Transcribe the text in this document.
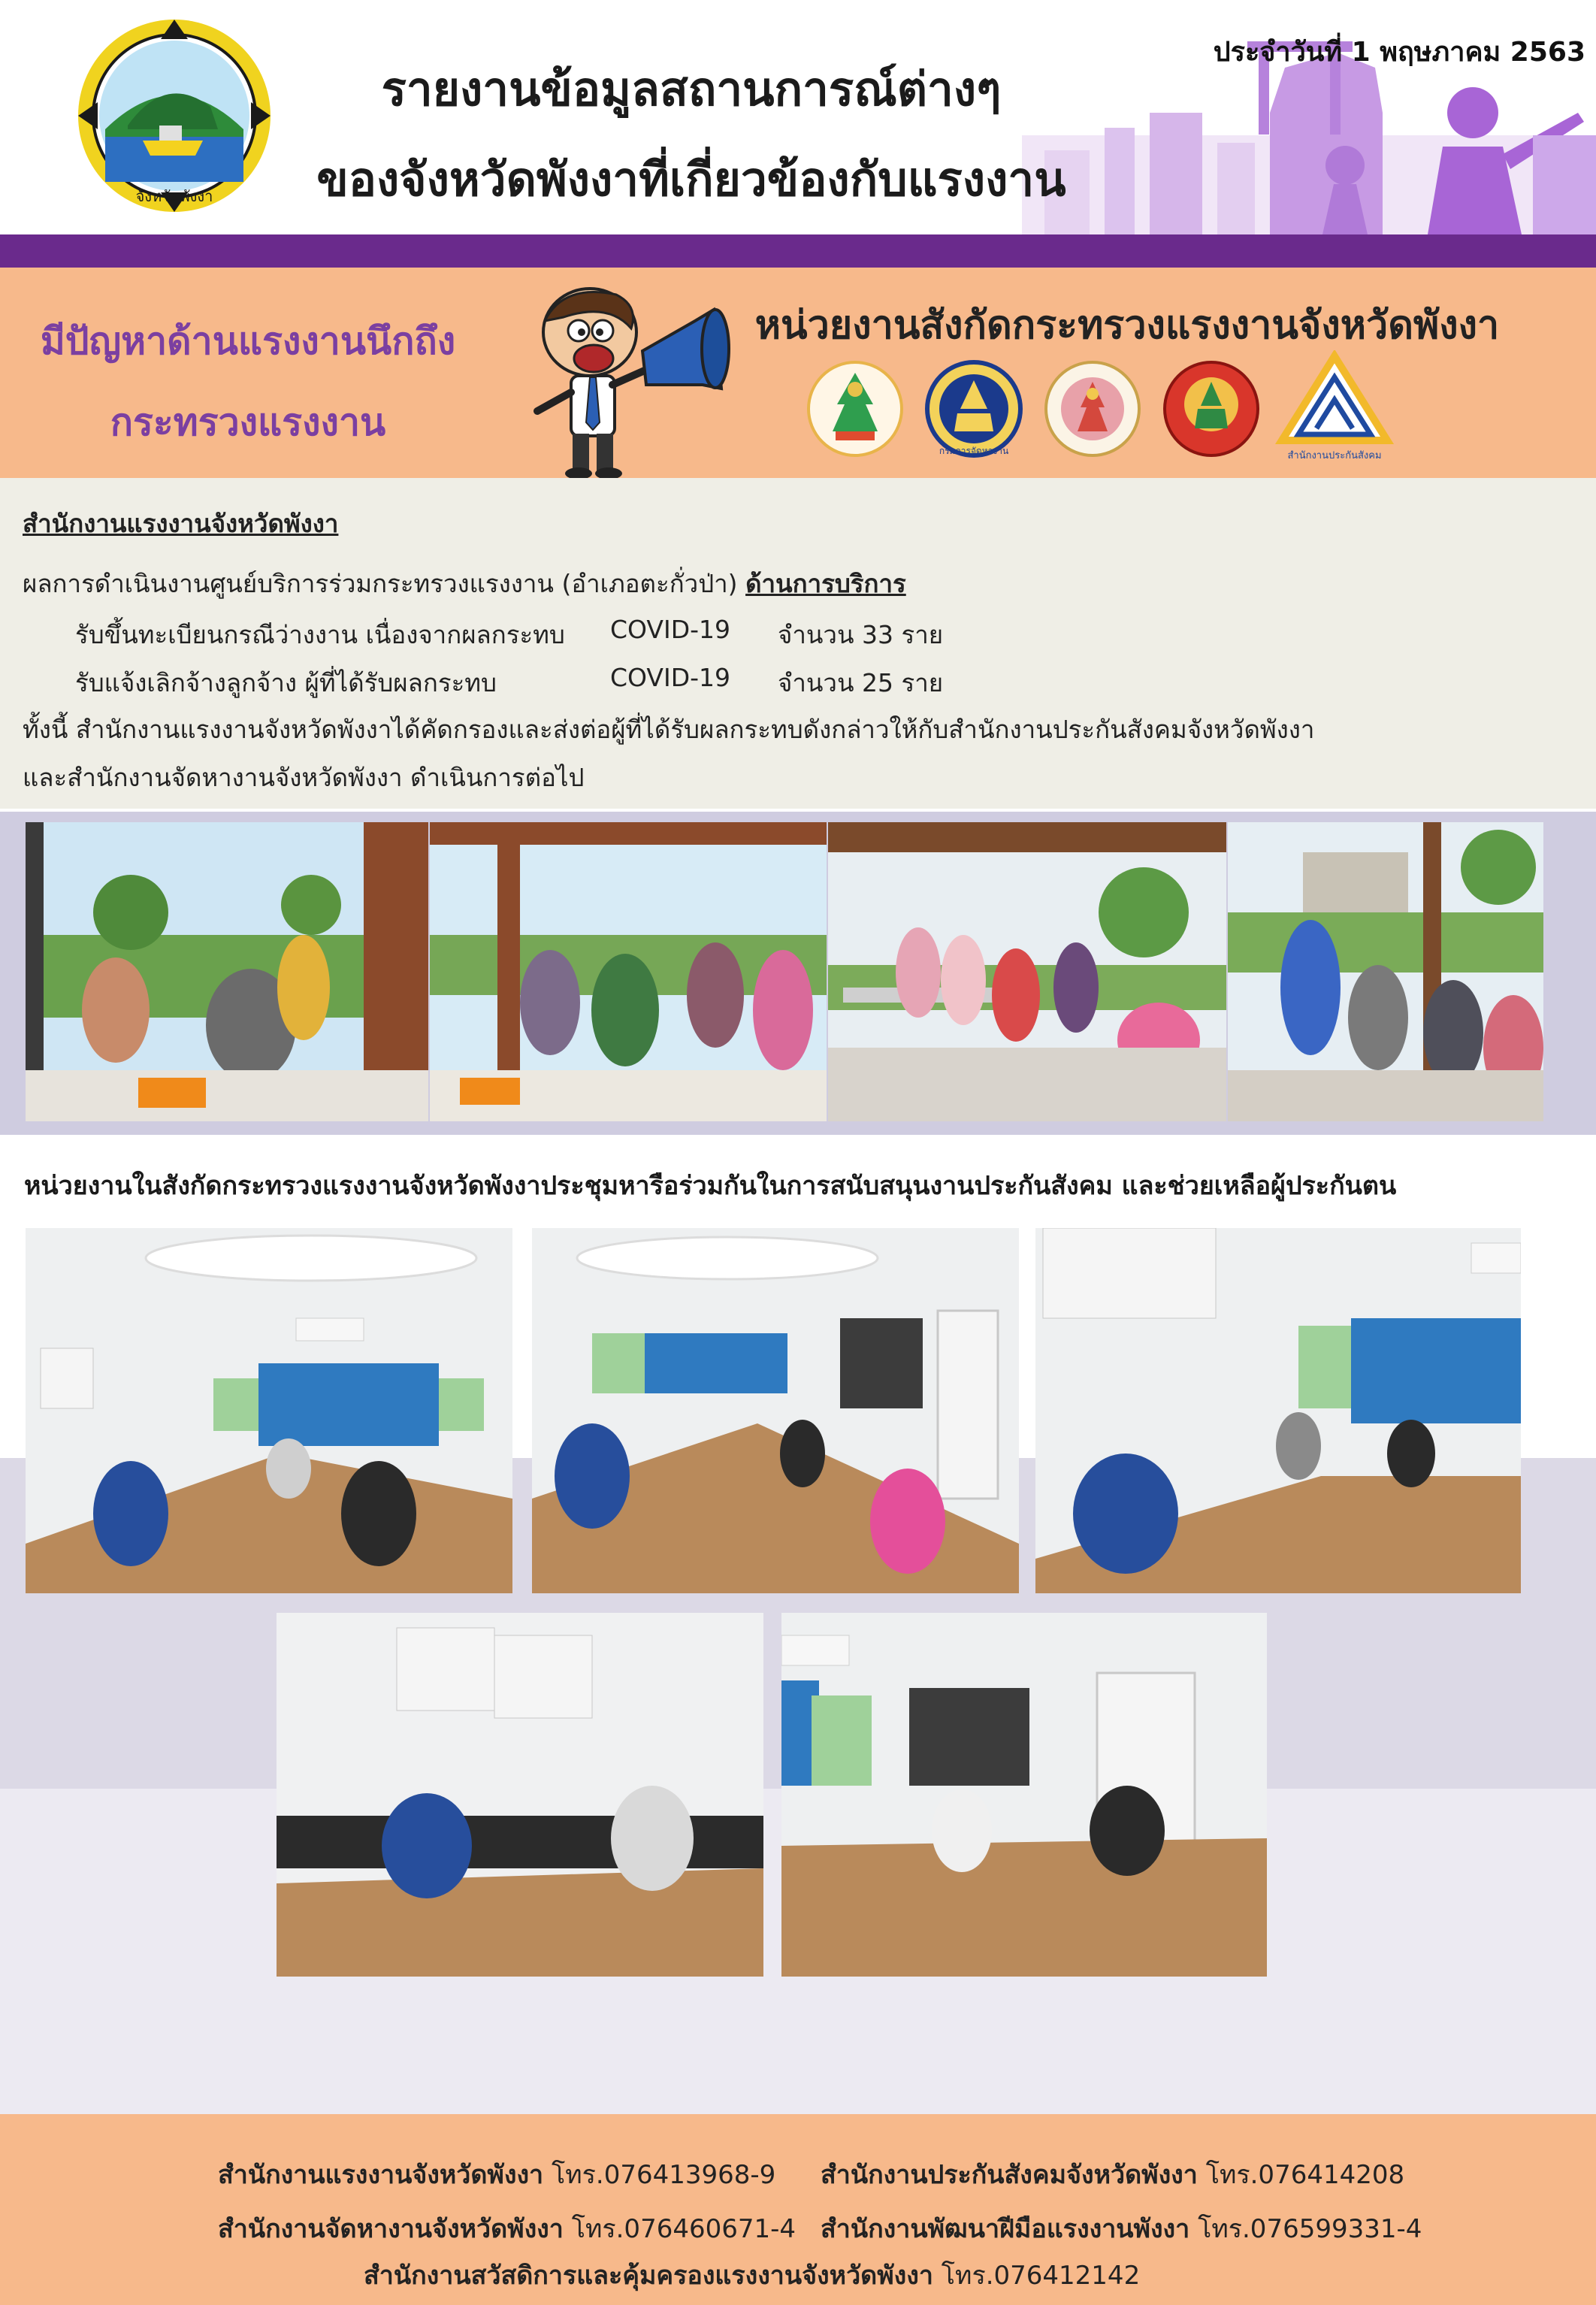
จังหวัดพังงา
รายงานข้อมูลสถานการณ์ต่างๆ
ของจังหวัดพังงาที่เกี่ยวข้องกับแรงงาน
ประจำวันที่ 1 พฤษภาคม 2563
มีปัญหาด้านแรงงานนึกถึง
กระทรวงแรงงาน
หน่วยงานสังกัดกระทรวงแรงงานจังหวัดพังงา
กรมการจัดหางาน	สำนักงานประกันสังคม
สำนักงานแรงงานจังหวัดพังงา
ผลการดำเนินงานศูนย์บริการร่วมกระทรวงแรงงาน (อำเภอตะกั่วป่า) ด้านการบริการ
รับขึ้นทะเบียนกรณีว่างงาน เนื่องจากผลกระทบ COVID-19 จำนวน 33 ราย
รับแจ้งเลิกจ้างลูกจ้าง ผู้ที่ได้รับผลกระทบ	COVID-19 จำนวน 25 ราย
ทั้งนี้ สำนักงานแรงงานจังหวัดพังงาได้คัดกรองและส่งต่อผู้ที่ได้รับผลกระทบดังกล่าวให้กับสำนักงานประกันสังคมจังหวัดพังงา
และสำนักงานจัดหางานจังหวัดพังงา ดำเนินการต่อไป
หน่วยงานในสังกัดกระทรวงแรงงานจังหวัดพังงาประชุมหารือร่วมกันในการสนับสนุนงานประกันสังคม และช่วยเหลือผู้ประกันตน
สำนักงานแรงงานจังหวัดพังงา โทร.076413968-9 สำนักงานประกันสังคมจังหวัดพังงา โทร.076414208
สำนักงานจัดหางานจังหวัดพังงา โทร.076460671-4 สำนักงานพัฒนาฝีมือแรงงานพังงา โทร.076599331-4
สำนักงานสวัสดิการและคุ้มครองแรงงานจังหวัดพังงา โทร.076412142
